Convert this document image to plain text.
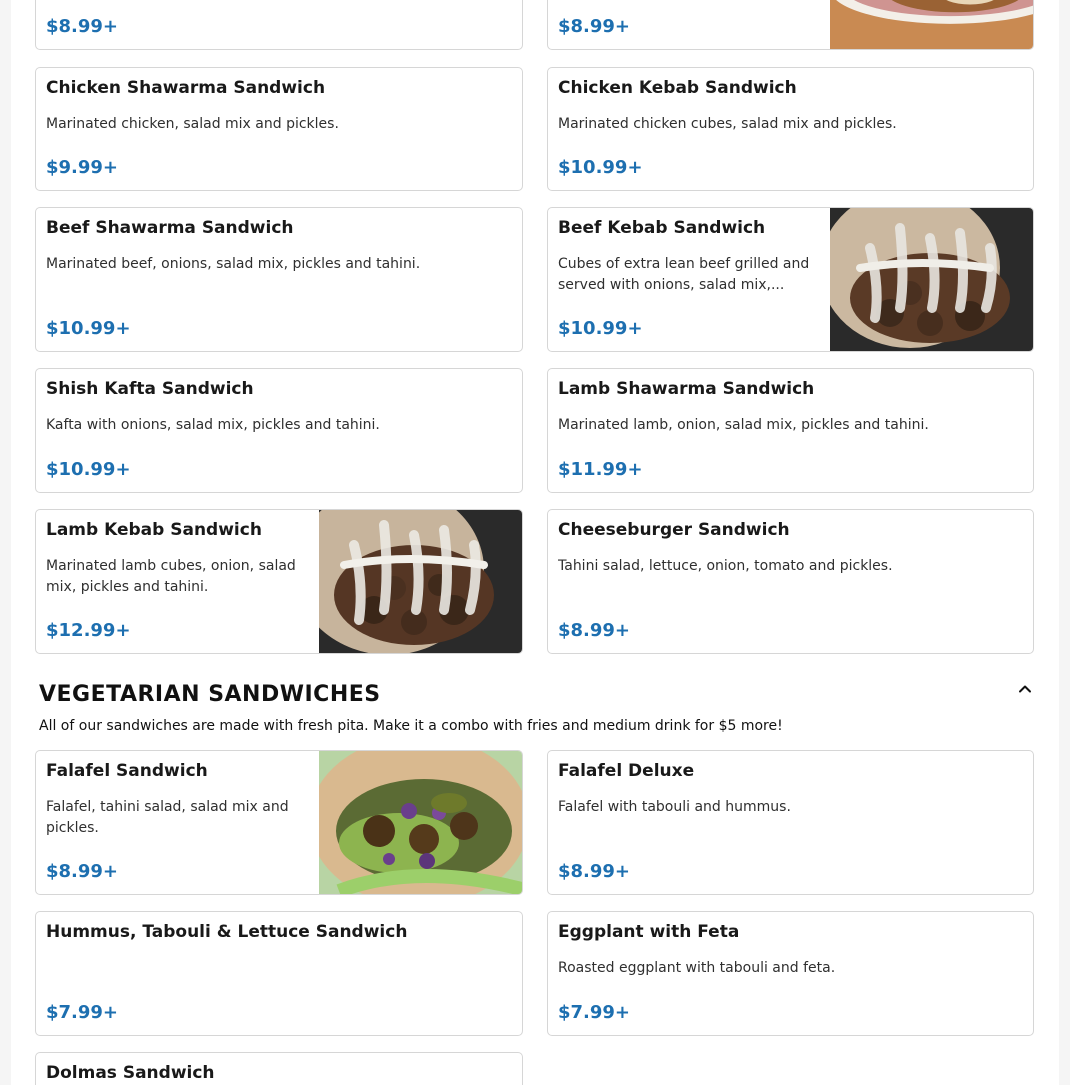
$8.99+	$8.99+
Chicken Shawarma Sandwich
Marinated chicken, salad mix and pickles.
$9.99+
Chicken Kebab Sandwich
Marinated chicken cubes, salad mix and pickles.
$10.99+
Beef Shawarma Sandwich
Marinated beef, onions, salad mix, pickles and tahini.
$10.99+
Beef Kebab Sandwich
Cubes of extra lean beef grilled and served with onions, salad mix,...
$10.99+
Shish Kafta Sandwich
Kafta with onions, salad mix, pickles and tahini.
$10.99+
Lamb Shawarma Sandwich
Marinated lamb, onion, salad mix, pickles and tahini.
$11.99+
Lamb Kebab Sandwich
Marinated lamb cubes, onion, salad mix, pickles and tahini.
$12.99+
Cheeseburger Sandwich
Tahini salad, lettuce, onion, tomato and pickles.
$8.99+
VEGETARIAN SANDWICHES
All of our sandwiches are made with fresh pita. Make it a combo with fries and medium drink for $5 more!
Falafel Sandwich
Falafel, tahini salad, salad mix and pickles.
$8.99+
Falafel Deluxe
Falafel with tabouli and hummus.
$8.99+
Hummus, Tabouli & Lettuce Sandwich
$7.99+
Eggplant with Feta
Roasted eggplant with tabouli and feta.
$7.99+
Dolmas Sandwich
